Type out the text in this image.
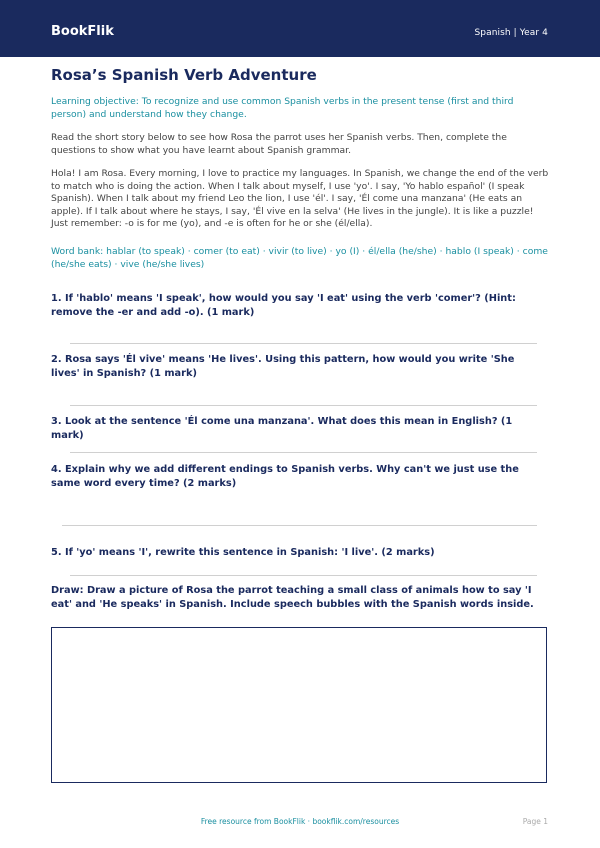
BookFlik	Spanish | Year 4
Rosa’s Spanish Verb Adventure

Learning objective: To recognize and use common Spanish verbs in the present tense (first and third person) and understand how they change.

Read the short story below to see how Rosa the parrot uses her Spanish verbs. Then, complete the questions to show what you have learnt about Spanish grammar.

Hola! I am Rosa. Every morning, I love to practice my languages. In Spanish, we change the end of the verb to match who is doing the action. When I talk about myself, I use 'yo'. I say, 'Yo hablo español' (I speak Spanish). When I talk about my friend Leo the lion, I use 'él'. I say, 'Él come una manzana' (He eats an apple). If I talk about where he stays, I say, 'Él vive en la selva' (He lives in the jungle). It is like a puzzle! Just remember: -o is for me (yo), and -e is often for he or she (él/ella).

Word bank: hablar (to speak) · comer (to eat) · vivir (to live) · yo (I) · él/ella (he/she) · hablo (I speak) · come (he/she eats) · vive (he/she lives)

1. If 'hablo' means 'I speak', how would you say 'I eat' using the verb 'comer'? (Hint: remove the -er and add -o). (1 mark)

2. Rosa says 'Él vive' means 'He lives'. Using this pattern, how would you write 'She lives' in Spanish? (1 mark)

3. Look at the sentence 'Él come una manzana'. What does this mean in English? (1 mark)

4. Explain why we add different endings to Spanish verbs. Why can't we just use the same word every time? (2 marks)

5. If 'yo' means 'I', rewrite this sentence in Spanish: 'I live'. (2 marks)

Draw: Draw a picture of Rosa the parrot teaching a small class of animals how to say 'I eat' and 'He speaks' in Spanish. Include speech bubbles with the Spanish words inside.

Free resource from BookFlik · bookflik.com/resources	Page 1
